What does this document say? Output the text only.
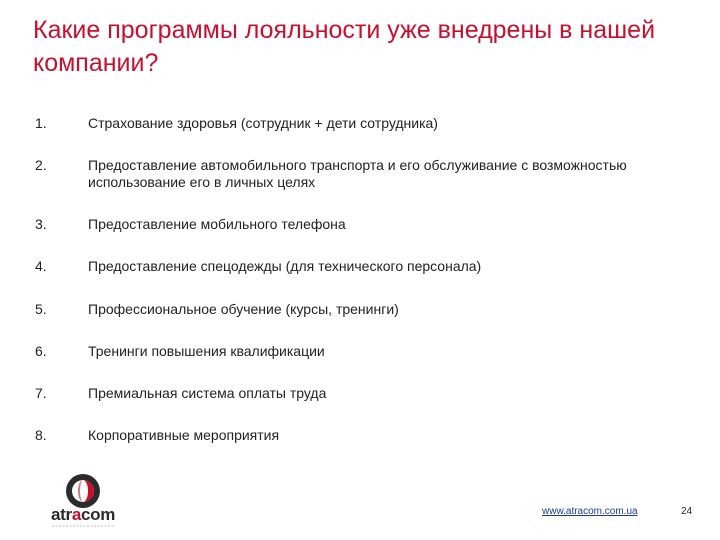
Какие программы лояльности уже внедрены в нашей компании?
1.	Страхование здоровья (сотрудник + дети сотрудника)
2.	Предоставление автомобильного транспорта и его обслуживание с возможностью использование его в личных целях
3.	Предоставление мобильного телефона
4.	Предоставление спецодежды (для технического персонала)
5.	Профессиональное обучение (курсы, тренинги)
6.	Тренинги повышения квалификации
7.	Премиальная система оплаты труда
8.	Корпоративные мероприятия
atracom	www.atracom.com.ua	24
